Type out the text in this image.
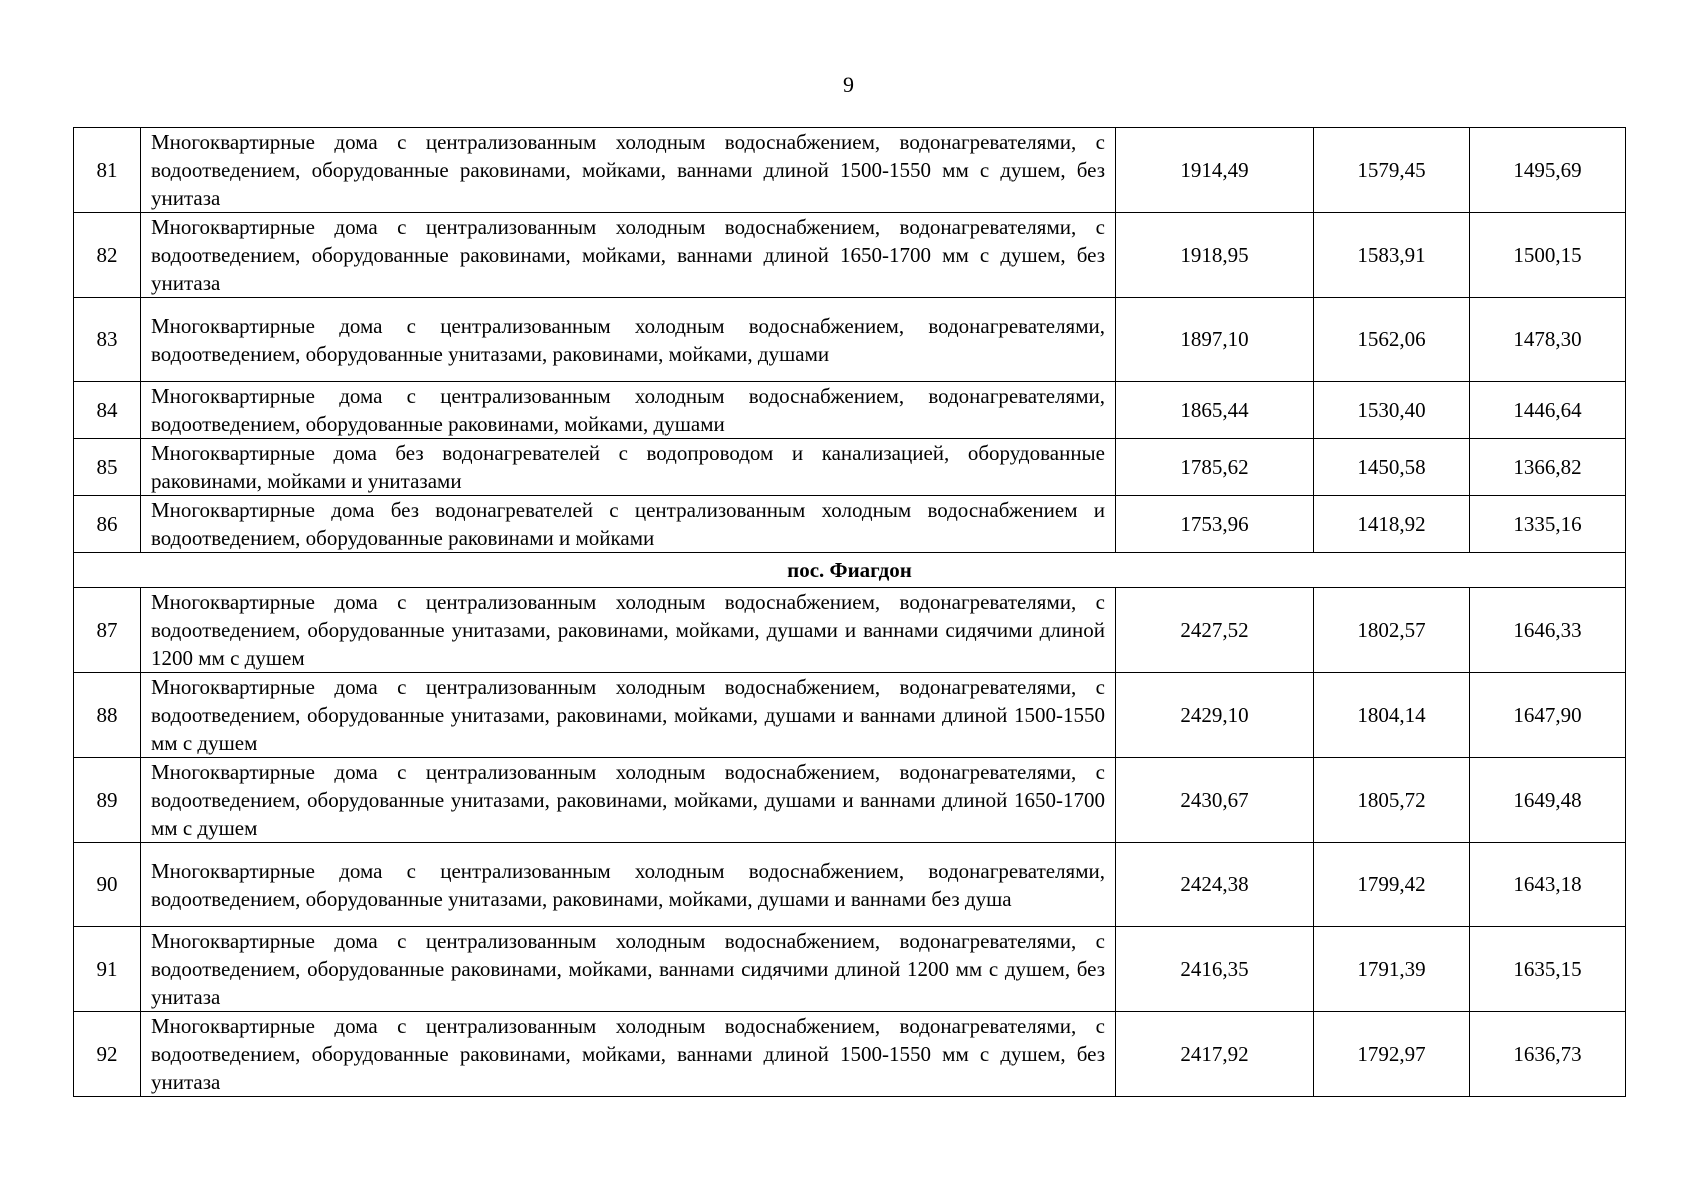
9
81	Многоквартирные дома с централизованным холодным водоснабжением, водонагревателями, с водоотведением, оборудованные раковинами, мойками, ваннами длиной 1500-1550 мм с душем, без унитаза	1914,49	1579,45	1495,69
82	Многоквартирные дома с централизованным холодным водоснабжением, водонагревателями, с водоотведением, оборудованные раковинами, мойками, ваннами длиной 1650-1700 мм с душем, без унитаза	1918,95	1583,91	1500,15
83	Многоквартирные дома с централизованным холодным водоснабжением, водонагревателями, водоотведением, оборудованные унитазами, раковинами, мойками, душами	1897,10	1562,06	1478,30
84	Многоквартирные дома с централизованным холодным водоснабжением, водонагревателями, водоотведением, оборудованные раковинами, мойками, душами	1865,44	1530,40	1446,64
85	Многоквартирные дома без водонагревателей с водопроводом и канализацией, оборудованные раковинами, мойками и унитазами	1785,62	1450,58	1366,82
86	Многоквартирные дома без водонагревателей с централизованным холодным водоснабжением и водоотведением, оборудованные раковинами и мойками	1753,96	1418,92	1335,16
пос. Фиагдон				
87	Многоквартирные дома с централизованным холодным водоснабжением, водонагревателями, с водоотведением, оборудованные унитазами, раковинами, мойками, душами и ваннами сидячими длиной 1200 мм с душем	2427,52	1802,57	1646,33
88	Многоквартирные дома с централизованным холодным водоснабжением, водонагревателями, с водоотведением, оборудованные унитазами, раковинами, мойками, душами и ваннами длиной 1500-1550 мм с душем	2429,10	1804,14	1647,90
89	Многоквартирные дома с централизованным холодным водоснабжением, водонагревателями, с водоотведением, оборудованные унитазами, раковинами, мойками, душами и ваннами длиной 1650-1700 мм с душем	2430,67	1805,72	1649,48
90	Многоквартирные дома с централизованным холодным водоснабжением, водонагревателями, водоотведением, оборудованные унитазами, раковинами, мойками, душами и ваннами без душа	2424,38	1799,42	1643,18
91	Многоквартирные дома с централизованным холодным водоснабжением, водонагревателями, с водоотведением, оборудованные раковинами, мойками, ваннами сидячими длиной 1200 мм с душем, без унитаза	2416,35	1791,39	1635,15
92	Многоквартирные дома с централизованным холодным водоснабжением, водонагревателями, с водоотведением, оборудованные раковинами, мойками, ваннами длиной 1500-1550 мм с душем, без унитаза	2417,92	1792,97	1636,73
